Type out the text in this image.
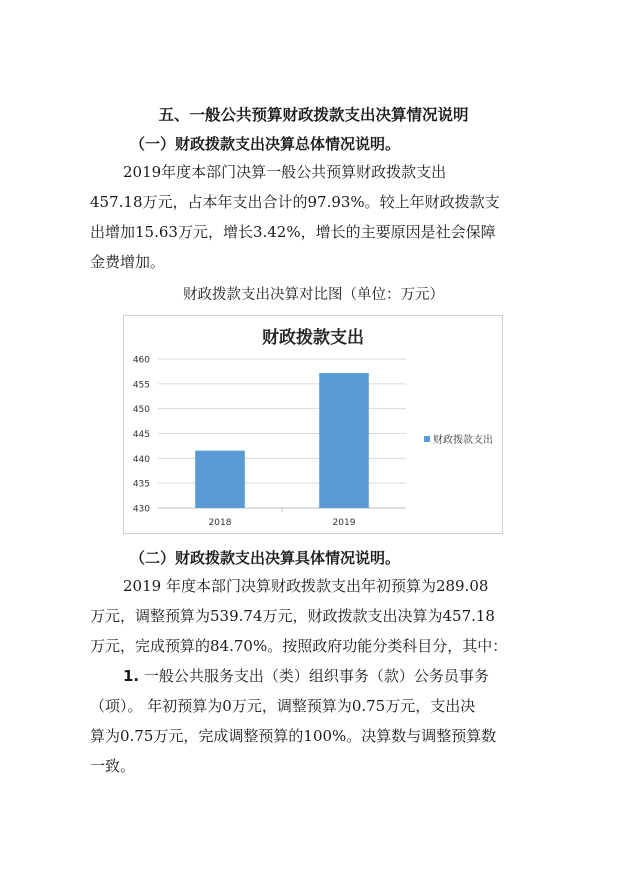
五、一般公共预算财政拨款支出决算情况说明
（一）财政拨款支出决算总体情况说明。
2019年度本部门决算一般公共预算财政拨款支出
457.18万元，占本年支出合计的97.93%。较上年财政拨款支
出增加15.63万元，增长3.42%，增长的主要原因是社会保障
金费增加。
财政拨款支出决算对比图（单位：万元）
财政拨款支出
430
435
440
445
450
455
460
2018	2019
财政拨款支出
（二）财政拨款支出决算具体情况说明。
2019 年度本部门决算财政拨款支出年初预算为289.08
万元，调整预算为539.74万元，财政拨款支出决算为457.18
万元，完成预算的84.70%。按照政府功能分类科目分，其中：
1. 一般公共服务支出（类）组织事务（款）公务员事务
（项）。 年初预算为0万元，调整预算为0.75万元，支出决
算为0.75万元，完成调整预算的100%。决算数与调整预算数
一致。
